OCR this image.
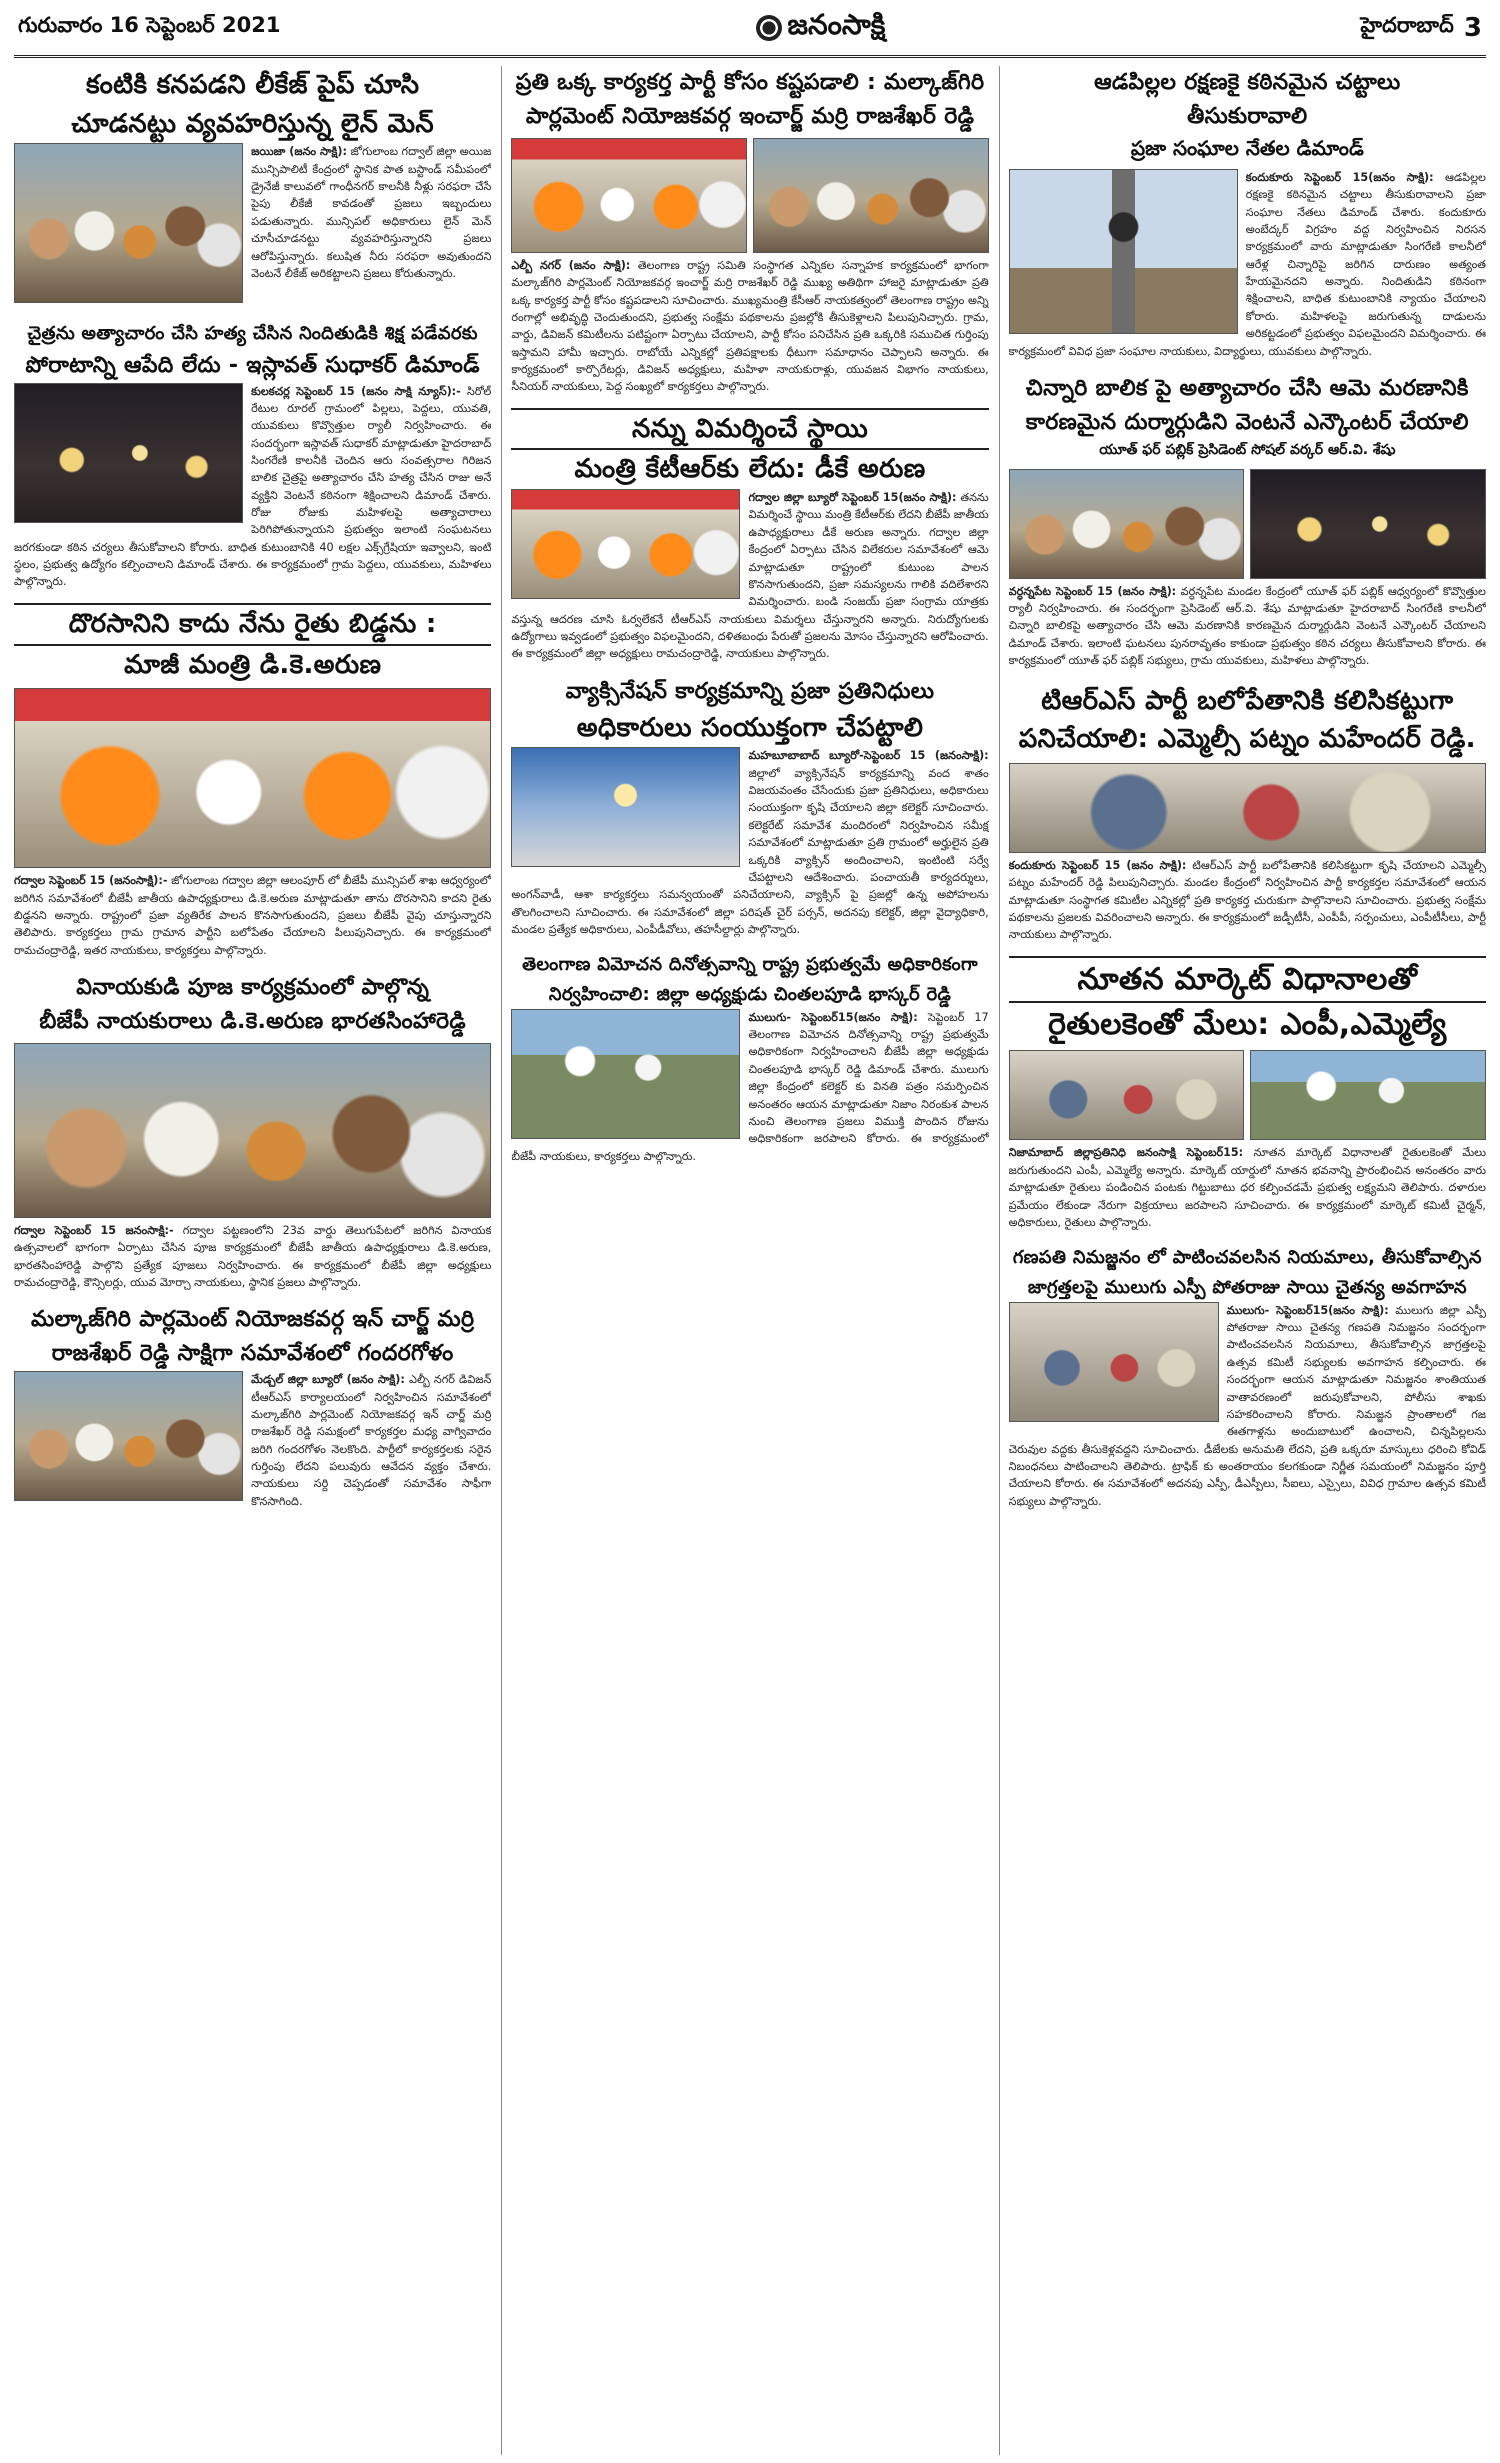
గురువారం 16 సెప్టెంబర్ 2021	జనంసాక్షి	హైదరాబాద్ 3
కంటికి కనపడని లీకేజ్ పైప్ చూసి
చూడనట్టు వ్యవహరిస్తున్న లైన్ మెన్
జయిజా (జనం సాక్షి): జోగులాంబ గద్వాల్ జిల్లా అయిజ మున్సిపాలిటీ కేంద్రంలో స్థానిక పాత బస్టాండ్ సమీపంలో డ్రైనేజీ కాలువలో గాంధీనగర్ కాలనీకి నీళ్లు సరఫరా చేసే పైపు లీకేజీ కావడంతో ప్రజలు ఇబ్బందులు పడుతున్నారు. మున్సిపల్ అధికారులు లైన్ మెన్ చూసీచూడనట్టు వ్యవహరిస్తున్నారని ప్రజలు ఆరోపిస్తున్నారు. కలుషిత నీరు సరఫరా అవుతుందని వెంటనే లీకేజ్ అరికట్టాలని ప్రజలు కోరుతున్నారు.
చైత్రను అత్యాచారం చేసి హత్య చేసిన నిందితుడికి శిక్ష పడేవరకు
పోరాటాన్ని ఆపేది లేదు - ఇస్లావత్ సుధాకర్ డిమాండ్
కులకచర్ల సెప్టెంబర్ 15 (జనం సాక్షి న్యూస్):- సిరోల్ రేటుల రూరల్ గ్రామంలో పిల్లలు, పెద్దలు, యువతి, యువకులు కొవ్వొత్తుల ర్యాలీ నిర్వహించారు. ఈ సందర్భంగా ఇస్లావత్ సుధాకర్ మాట్లాడుతూ హైదరాబాద్ సింగరేణి కాలనీకి చెందిన ఆరు సంవత్సరాల గిరిజన బాలిక చైత్రపై అత్యాచారం చేసి హత్య చేసిన రాజు అనే వ్యక్తిని వెంటనే కఠినంగా శిక్షించాలని డిమాండ్ చేశారు. రోజు రోజుకు మహిళలపై అత్యాచారాలు పెరిగిపోతున్నాయని ప్రభుత్వం ఇలాంటి సంఘటనలు జరగకుండా కఠిన చర్యలు తీసుకోవాలని కోరారు. బాధిత కుటుంబానికి 40 లక్షల ఎక్స్‌గ్రేషియా ఇవ్వాలని, ఇంటి స్థలం, ప్రభుత్వ ఉద్యోగం కల్పించాలని డిమాండ్ చేశారు. ఈ కార్యక్రమంలో గ్రామ పెద్దలు, యువకులు, మహిళలు పాల్గొన్నారు.
దొరసానిని కాదు నేను రైతు బిడ్డను :
మాజీ మంత్రి డి.కె.అరుణ
గద్వాల సెప్టెంబర్ 15 (జనంసాక్షి):- జోగులాంబ గద్వాల జిల్లా ఆలంపూర్ లో బీజేపీ మున్సిపల్ శాఖ ఆధ్వర్యంలో జరిగిన సమావేశంలో బీజేపీ జాతీయ ఉపాధ్యక్షురాలు డి.కె.అరుణ మాట్లాడుతూ తాను దొరసానిని కాదని రైతు బిడ్డనని అన్నారు. రాష్ట్రంలో ప్రజా వ్యతిరేక పాలన కొనసాగుతుందని, ప్రజలు బీజేపీ వైపు చూస్తున్నారని తెలిపారు. కార్యకర్తలు గ్రామ గ్రామాన పార్టీని బలోపేతం చేయాలని పిలుపునిచ్చారు. ఈ కార్యక్రమంలో రామచంద్రారెడ్డి, ఇతర నాయకులు, కార్యకర్తలు పాల్గొన్నారు.
వినాయకుడి పూజ కార్యక్రమంలో పాల్గొన్న
బీజేపీ నాయకురాలు డి.కె.అరుణ భారతసింహారెడ్డి
గద్వాల సెప్టెంబర్ 15 జనంసాక్షి:- గద్వాల పట్టణంలోని 23వ వార్డు తెలుగుపేటలో జరిగిన వినాయక ఉత్సవాలలో భాగంగా ఏర్పాటు చేసిన పూజ కార్యక్రమంలో బీజేపీ జాతీయ ఉపాధ్యక్షురాలు డి.కె.అరుణ, భారతసింహారెడ్డి పాల్గొని ప్రత్యేక పూజలు నిర్వహించారు. ఈ కార్యక్రమంలో బీజేపీ జిల్లా అధ్యక్షులు రామచంద్రారెడ్డి, కౌన్సిలర్లు, యువ మోర్చా నాయకులు, స్థానిక ప్రజలు పాల్గొన్నారు.
మల్కాజ్‌గిరి పార్లమెంట్ నియోజకవర్గ ఇన్ చార్జ్ మర్రి
రాజశేఖర్ రెడ్డి సాక్షిగా సమావేశంలో గందరగోళం
మేడ్చల్ జిల్లా బ్యూరో (జనం సాక్షి): ఎల్బీ నగర్ డివిజన్ టీఆర్ఎస్ కార్యాలయంలో నిర్వహించిన సమావేశంలో మల్కాజ్‌గిరి పార్లమెంట్ నియోజకవర్గ ఇన్ చార్జ్ మర్రి రాజశేఖర్ రెడ్డి సమక్షంలో కార్యకర్తల మధ్య వాగ్వివాదం జరిగి గందరగోళం నెలకొంది. పార్టీలో కార్యకర్తలకు సరైన గుర్తింపు లేదని పలువురు ఆవేదన వ్యక్తం చేశారు. నాయకులు సర్ది చెప్పడంతో సమావేశం సాఫీగా కొనసాగింది.
ప్రతి ఒక్క కార్యకర్త పార్టీ కోసం కష్టపడాలి : మల్కాజ్‌గిరి
పార్లమెంట్ నియోజకవర్గ ఇంచార్జ్ మర్రి రాజశేఖర్ రెడ్డి
ఎల్బీ నగర్ (జనం సాక్షి): తెలంగాణ రాష్ట్ర సమితి సంస్థాగత ఎన్నికల సన్నాహక కార్యక్రమంలో భాగంగా మల్కాజ్‌గిరి పార్లమెంట్ నియోజకవర్గ ఇంచార్జ్ మర్రి రాజశేఖర్ రెడ్డి ముఖ్య అతిథిగా హాజరై మాట్లాడుతూ ప్రతి ఒక్క కార్యకర్త పార్టీ కోసం కష్టపడాలని సూచించారు. ముఖ్యమంత్రి కేసీఆర్ నాయకత్వంలో తెలంగాణ రాష్ట్రం అన్ని రంగాల్లో అభివృద్ధి చెందుతుందని, ప్రభుత్వ సంక్షేమ పథకాలను ప్రజల్లోకి తీసుకెళ్లాలని పిలుపునిచ్చారు. గ్రామ, వార్డు, డివిజన్ కమిటీలను పటిష్టంగా ఏర్పాటు చేయాలని, పార్టీ కోసం పనిచేసిన ప్రతి ఒక్కరికి సముచిత గుర్తింపు ఇస్తామని హామీ ఇచ్చారు. రాబోయే ఎన్నికల్లో ప్రతిపక్షాలకు ధీటుగా సమాధానం చెప్పాలని అన్నారు. ఈ కార్యక్రమంలో కార్పొరేటర్లు, డివిజన్ అధ్యక్షులు, మహిళా నాయకురాళ్లు, యువజన విభాగం నాయకులు, సీనియర్ నాయకులు, పెద్ద సంఖ్యలో కార్యకర్తలు పాల్గొన్నారు.
నన్ను విమర్శించే స్థాయి
మంత్రి కేటీఆర్‌కు లేదు: డీకే అరుణ
గద్వాల జిల్లా బ్యూరో సెప్టెంబర్ 15(జనం సాక్షి): తనను విమర్శించే స్థాయి మంత్రి కేటీఆర్‌కు లేదని బీజేపీ జాతీయ ఉపాధ్యక్షురాలు డీకే అరుణ అన్నారు. గద్వాల జిల్లా కేంద్రంలో ఏర్పాటు చేసిన విలేకరుల సమావేశంలో ఆమె మాట్లాడుతూ రాష్ట్రంలో కుటుంబ పాలన కొనసాగుతుందని, ప్రజా సమస్యలను గాలికి వదిలేశారని విమర్శించారు. బండి సంజయ్ ప్రజా సంగ్రామ యాత్రకు వస్తున్న ఆదరణ చూసి ఓర్వలేకనే టీఆర్ఎస్ నాయకులు విమర్శలు చేస్తున్నారని అన్నారు. నిరుద్యోగులకు ఉద్యోగాలు ఇవ్వడంలో ప్రభుత్వం విఫలమైందని, దళితబంధు పేరుతో ప్రజలను మోసం చేస్తున్నారని ఆరోపించారు. ఈ కార్యక్రమంలో జిల్లా అధ్యక్షులు రామచంద్రారెడ్డి, నాయకులు పాల్గొన్నారు.
వ్యాక్సినేషన్ కార్యక్రమాన్ని ప్రజా ప్రతినిధులు
అధికారులు సంయుక్తంగా చేపట్టాలి
మహబూబాబాద్ బ్యూరో-సెప్టెంబర్ 15 (జనంసాక్షి): జిల్లాలో వ్యాక్సినేషన్ కార్యక్రమాన్ని వంద శాతం విజయవంతం చేసేందుకు ప్రజా ప్రతినిధులు, అధికారులు సంయుక్తంగా కృషి చేయాలని జిల్లా కలెక్టర్ సూచించారు. కలెక్టరేట్ సమావేశ మందిరంలో నిర్వహించిన సమీక్ష సమావేశంలో మాట్లాడుతూ ప్రతి గ్రామంలో అర్హులైన ప్రతి ఒక్కరికి వ్యాక్సిన్ అందించాలని, ఇంటింటి సర్వే చేపట్టాలని ఆదేశించారు. పంచాయతీ కార్యదర్శులు, అంగన్‌వాడీ, ఆశా కార్యకర్తలు సమన్వయంతో పనిచేయాలని, వ్యాక్సిన్ పై ప్రజల్లో ఉన్న అపోహలను తొలగించాలని సూచించారు. ఈ సమావేశంలో జిల్లా పరిషత్ చైర్ పర్సన్, అదనపు కలెక్టర్, జిల్లా వైద్యాధికారి, మండల ప్రత్యేక అధికారులు, ఎంపీడీవోలు, తహసీల్దార్లు పాల్గొన్నారు.
తెలంగాణ విమోచన దినోత్సవాన్ని రాష్ట్ర ప్రభుత్వమే అధికారికంగా
నిర్వహించాలి: జిల్లా అధ్యక్షుడు చింతలపూడి భాస్కర్ రెడ్డి
ములుగు- సెప్టెంబర్15(జనం సాక్షి): సెప్టెంబర్ 17 తెలంగాణ విమోచన దినోత్సవాన్ని రాష్ట్ర ప్రభుత్వమే అధికారికంగా నిర్వహించాలని బీజేపీ జిల్లా అధ్యక్షుడు చింతలపూడి భాస్కర్ రెడ్డి డిమాండ్ చేశారు. ములుగు జిల్లా కేంద్రంలో కలెక్టర్ కు వినతి పత్రం సమర్పించిన అనంతరం ఆయన మాట్లాడుతూ నిజాం నిరంకుశ పాలన నుంచి తెలంగాణ ప్రజలు విముక్తి పొందిన రోజును అధికారికంగా జరపాలని కోరారు. ఈ కార్యక్రమంలో బీజేపీ నాయకులు, కార్యకర్తలు పాల్గొన్నారు.
ఆడపిల్లల రక్షణకై కఠినమైన చట్టాలు
తీసుకురావాలి
ప్రజా సంఘాల నేతల డిమాండ్
కందుకూరు సెప్టెంబర్ 15(జనం సాక్షి): ఆడపిల్లల రక్షణకై కఠినమైన చట్టాలు తీసుకురావాలని ప్రజా సంఘాల నేతలు డిమాండ్ చేశారు. కందుకూరు అంబేద్కర్ విగ్రహం వద్ద నిర్వహించిన నిరసన కార్యక్రమంలో వారు మాట్లాడుతూ సింగరేణి కాలనీలో ఆరేళ్ల చిన్నారిపై జరిగిన దారుణం అత్యంత హేయమైనదని అన్నారు. నిందితుడిని కఠినంగా శిక్షించాలని, బాధిత కుటుంబానికి న్యాయం చేయాలని కోరారు. మహిళలపై జరుగుతున్న దాడులను అరికట్టడంలో ప్రభుత్వం విఫలమైందని విమర్శించారు. ఈ కార్యక్రమంలో వివిధ ప్రజా సంఘాల నాయకులు, విద్యార్థులు, యువకులు పాల్గొన్నారు.
చిన్నారి బాలిక పై అత్యాచారం చేసి ఆమె మరణానికి
కారణమైన దుర్మార్గుడిని వెంటనే ఎన్కౌంటర్ చేయాలి
యూత్ ఫర్ పబ్లిక్ ప్రెసిడెంట్ సోషల్ వర్కర్ ఆర్.వి. శేషు
వర్ధన్నపేట సెప్టెంబర్ 15 (జనం సాక్షి): వర్ధన్నపేట మండల కేంద్రంలో యూత్ ఫర్ పబ్లిక్ ఆధ్వర్యంలో కొవ్వొత్తుల ర్యాలీ నిర్వహించారు. ఈ సందర్భంగా ప్రెసిడెంట్ ఆర్.వి. శేషు మాట్లాడుతూ హైదరాబాద్ సింగరేణి కాలనీలో చిన్నారి బాలికపై అత్యాచారం చేసి ఆమె మరణానికి కారణమైన దుర్మార్గుడిని వెంటనే ఎన్కౌంటర్ చేయాలని డిమాండ్ చేశారు. ఇలాంటి ఘటనలు పునరావృతం కాకుండా ప్రభుత్వం కఠిన చర్యలు తీసుకోవాలని కోరారు. ఈ కార్యక్రమంలో యూత్ ఫర్ పబ్లిక్ సభ్యులు, గ్రామ యువకులు, మహిళలు పాల్గొన్నారు.
టిఆర్ఎస్ పార్టీ బలోపేతానికి కలిసికట్టుగా
పనిచేయాలి: ఎమ్మెల్సీ పట్నం మహేందర్ రెడ్డి.
కందుకూరు సెప్టెంబర్ 15 (జనం సాక్షి): టిఆర్ఎస్ పార్టీ బలోపేతానికి కలిసికట్టుగా కృషి చేయాలని ఎమ్మెల్సీ పట్నం మహేందర్ రెడ్డి పిలుపునిచ్చారు. మండల కేంద్రంలో నిర్వహించిన పార్టీ కార్యకర్తల సమావేశంలో ఆయన మాట్లాడుతూ సంస్థాగత కమిటీల ఎన్నికల్లో ప్రతి కార్యకర్త చురుకుగా పాల్గొనాలని సూచించారు. ప్రభుత్వ సంక్షేమ పథకాలను ప్రజలకు వివరించాలని అన్నారు. ఈ కార్యక్రమంలో జడ్పీటీసీ, ఎంపీపీ, సర్పంచులు, ఎంపీటీసీలు, పార్టీ నాయకులు పాల్గొన్నారు.
నూతన మార్కెట్ విధానాలతో
రైతులకెంతో మేలు: ఎంపీ,ఎమ్మెల్యే
నిజామాబాద్ జిల్లాప్రతినిధి జనంసాక్షి సెప్టెంబర్15: నూతన మార్కెట్ విధానాలతో రైతులకెంతో మేలు జరుగుతుందని ఎంపీ, ఎమ్మెల్యే అన్నారు. మార్కెట్ యార్డులో నూతన భవనాన్ని ప్రారంభించిన అనంతరం వారు మాట్లాడుతూ రైతులు పండించిన పంటకు గిట్టుబాటు ధర కల్పించడమే ప్రభుత్వ లక్ష్యమని తెలిపారు. దళారుల ప్రమేయం లేకుండా నేరుగా విక్రయాలు జరపాలని సూచించారు. ఈ కార్యక్రమంలో మార్కెట్ కమిటీ చైర్మన్, అధికారులు, రైతులు పాల్గొన్నారు.
గణపతి నిమజ్జనం లో పాటించవలసిన నియమాలు, తీసుకోవాల్సిన
జాగ్రత్తలపై ములుగు ఎస్పీ పోతరాజు సాయి చైతన్య అవగాహన
ములుగు- సెప్టెంబర్15(జనం సాక్షి): ములుగు జిల్లా ఎస్పీ పోతరాజు సాయి చైతన్య గణపతి నిమజ్జనం సందర్భంగా పాటించవలసిన నియమాలు, తీసుకోవాల్సిన జాగ్రత్తలపై ఉత్సవ కమిటీ సభ్యులకు అవగాహన కల్పించారు. ఈ సందర్భంగా ఆయన మాట్లాడుతూ నిమజ్జనం శాంతియుత వాతావరణంలో జరుపుకోవాలని, పోలీసు శాఖకు సహకరించాలని కోరారు. నిమజ్జన ప్రాంతాలలో గజ ఈతగాళ్లను అందుబాటులో ఉంచాలని, చిన్నపిల్లలను చెరువుల వద్దకు తీసుకెళ్లవద్దని సూచించారు. డీజేలకు అనుమతి లేదని, ప్రతి ఒక్కరూ మాస్కులు ధరించి కోవిడ్ నిబంధనలు పాటించాలని తెలిపారు. ట్రాఫిక్ కు అంతరాయం కలగకుండా నిర్ణీత సమయంలో నిమజ్జనం పూర్తి చేయాలని కోరారు. ఈ సమావేశంలో అదనపు ఎస్పీ, డీఎస్పీలు, సీఐలు, ఎస్సైలు, వివిధ గ్రామాల ఉత్సవ కమిటీ సభ్యులు పాల్గొన్నారు.
